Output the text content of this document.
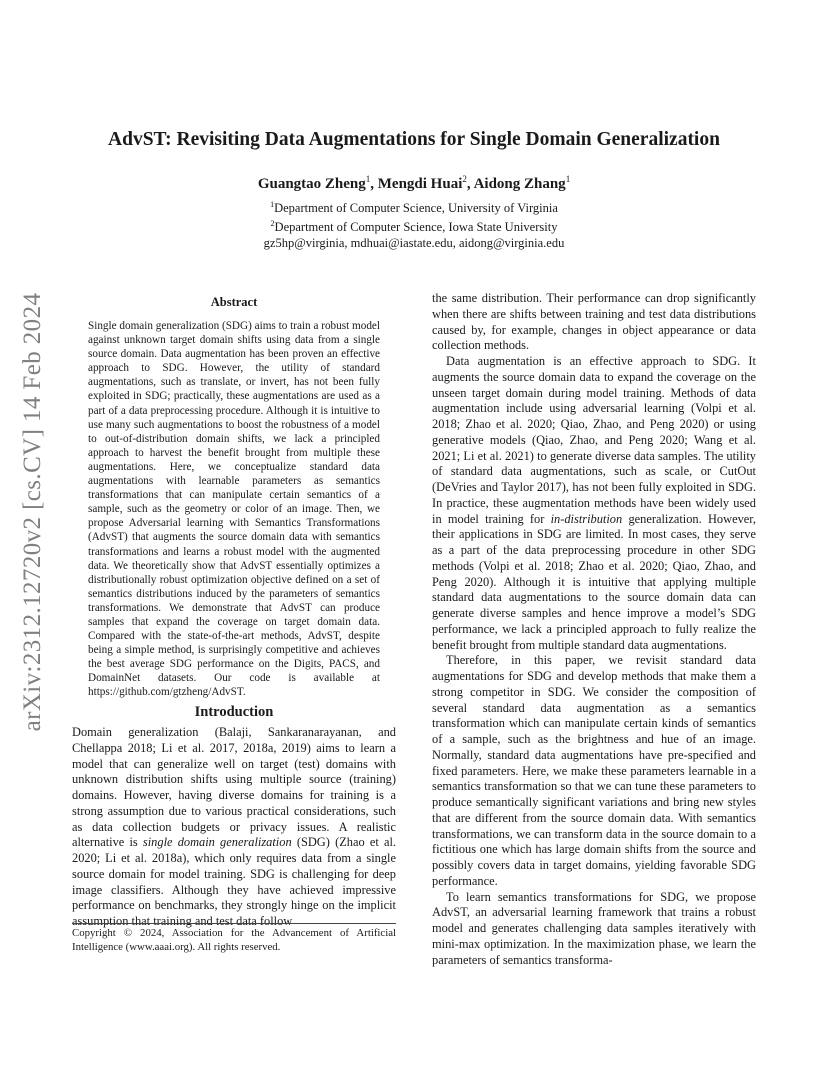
arXiv:2312.12720v2 [cs.CV] 14 Feb 2024
AdvST: Revisiting Data Augmentations for Single Domain Generalization
Guangtao Zheng$^1$, Mengdi Huai$^2$, Aidong Zhang$^1$
$^1$Department of Computer Science, University of Virginia
$^2$Department of Computer Science, Iowa State University
gz5hp@virginia, mdhuai@iastate.edu, aidong@virginia.edu
Abstract
Single domain generalization (SDG) aims to train a robust model against unknown target domain shifts using data from a single source domain. Data augmentation has been proven an effective approach to SDG. However, the utility of standard augmentations, such as translate, or invert, has not been fully exploited in SDG; practically, these augmentations are used as a part of a data preprocessing procedure. Although it is intuitive to use many such augmentations to boost the robustness of a model to out-of-distribution domain shifts, we lack a principled approach to harvest the benefit brought from multiple these augmentations. Here, we conceptualize standard data augmentations with learnable parameters as semantics transformations that can manipulate certain semantics of a sample, such as the geometry or color of an image. Then, we propose Adversarial learning with Semantics Transformations (AdvST) that augments the source domain data with semantics transformations and learns a robust model with the augmented data. We theoretically show that AdvST essentially optimizes a distributionally robust optimization objective defined on a set of semantics distributions induced by the parameters of semantics transformations. We demonstrate that AdvST can produce samples that expand the coverage on target domain data. Compared with the state-of-the-art methods, AdvST, despite being a simple method, is surprisingly competitive and achieves the best average SDG performance on the Digits, PACS, and DomainNet datasets. Our code is available at https://github.com/gtzheng/AdvST.
Introduction
Domain generalization (Balaji, Sankaranarayanan, and Chellappa 2018; Li et al. 2017, 2018a, 2019) aims to learn a model that can generalize well on target (test) domains with unknown distribution shifts using multiple source (training) domains. However, having diverse domains for training is a strong assumption due to various practical considerations, such as data collection budgets or privacy issues. A realistic alternative is single domain generalization (SDG) (Zhao et al. 2020; Li et al. 2018a), which only requires data from a single source domain for model training. SDG is challenging for deep image classifiers. Although they have achieved impressive performance on benchmarks, they strongly hinge on the implicit assumption that training and test data follow
Copyright © 2024, Association for the Advancement of Artificial Intelligence (www.aaai.org). All rights reserved.

the same distribution. Their performance can drop significantly when there are shifts between training and test data distributions caused by, for example, changes in object appearance or data collection methods.

Data augmentation is an effective approach to SDG. It augments the source domain data to expand the coverage on the unseen target domain during model training. Methods of data augmentation include using adversarial learning (Volpi et al. 2018; Zhao et al. 2020; Qiao, Zhao, and Peng 2020) or using generative models (Qiao, Zhao, and Peng 2020; Wang et al. 2021; Li et al. 2021) to generate diverse data samples. The utility of standard data augmentations, such as scale, or CutOut (DeVries and Taylor 2017), has not been fully exploited in SDG. In practice, these augmentation methods have been widely used in model training for in-distribution generalization. However, their applications in SDG are limited. In most cases, they serve as a part of the data preprocessing procedure in other SDG methods (Volpi et al. 2018; Zhao et al. 2020; Qiao, Zhao, and Peng 2020). Although it is intuitive that applying multiple standard data augmentations to the source domain data can generate diverse samples and hence improve a model’s SDG performance, we lack a principled approach to fully realize the benefit brought from multiple standard data augmentations.

Therefore, in this paper, we revisit standard data augmentations for SDG and develop methods that make them a strong competitor in SDG. We consider the composition of several standard data augmentation as a semantics transformation which can manipulate certain kinds of semantics of a sample, such as the brightness and hue of an image. Normally, standard data augmentations have pre-specified and fixed parameters. Here, we make these parameters learnable in a semantics transformation so that we can tune these parameters to produce semantically significant variations and bring new styles that are different from the source domain data. With semantics transformations, we can transform data in the source domain to a fictitious one which has large domain shifts from the source and possibly covers data in target domains, yielding favorable SDG performance.

To learn semantics transformations for SDG, we propose AdvST, an adversarial learning framework that trains a robust model and generates challenging data samples iteratively with mini-max optimization. In the maximization phase, we learn the parameters of semantics transforma-
